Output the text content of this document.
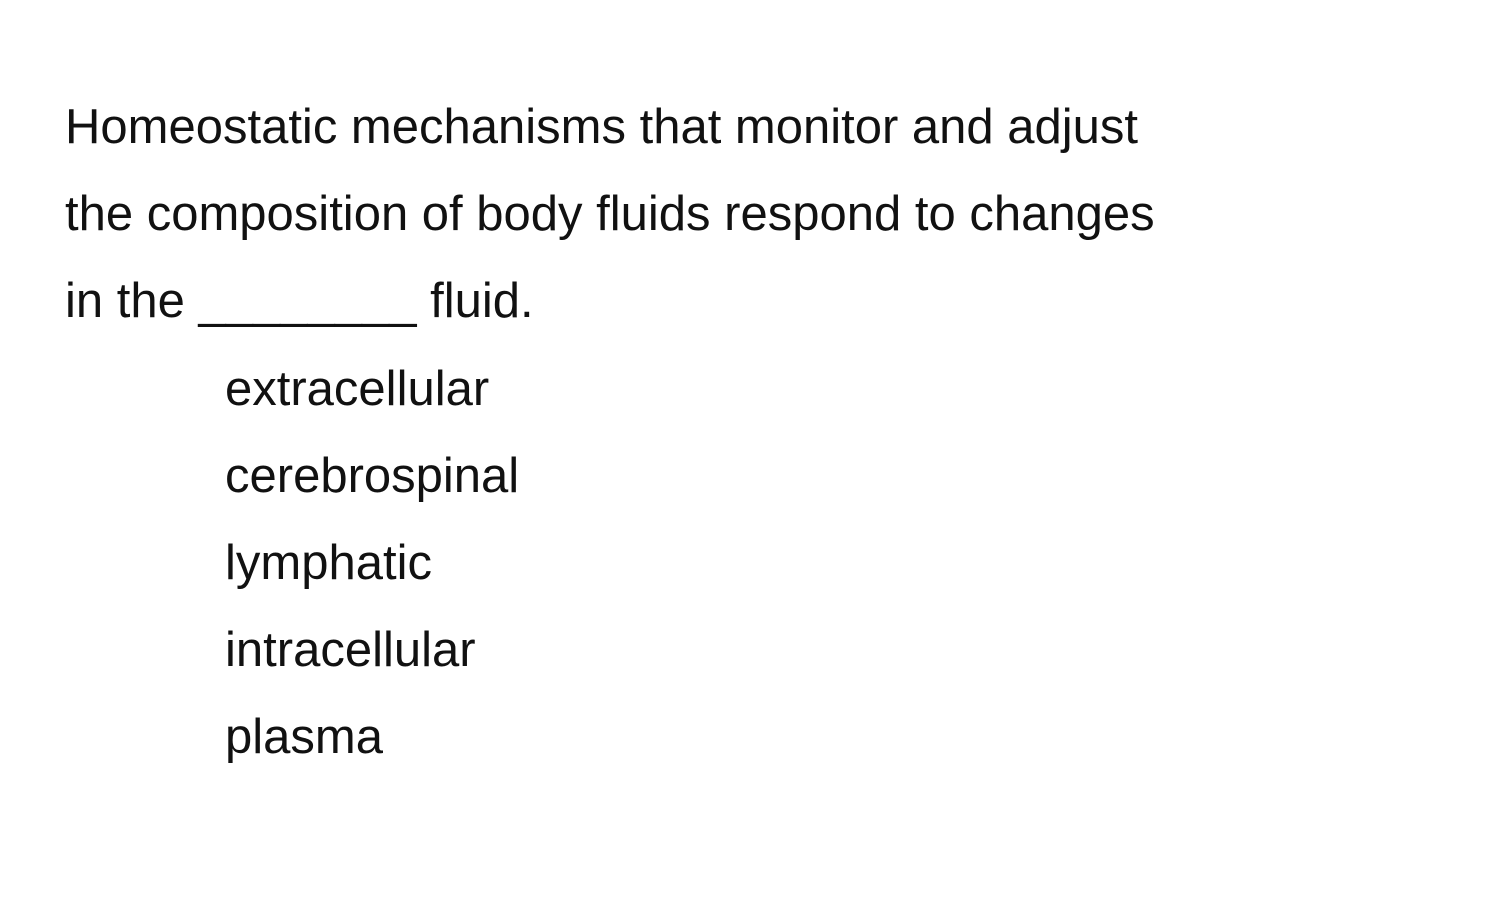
Homeostatic mechanisms that monitor and adjust
the composition of body fluids respond to changes
in the ________ fluid.

extracellular
cerebrospinal
lymphatic
intracellular
plasma
